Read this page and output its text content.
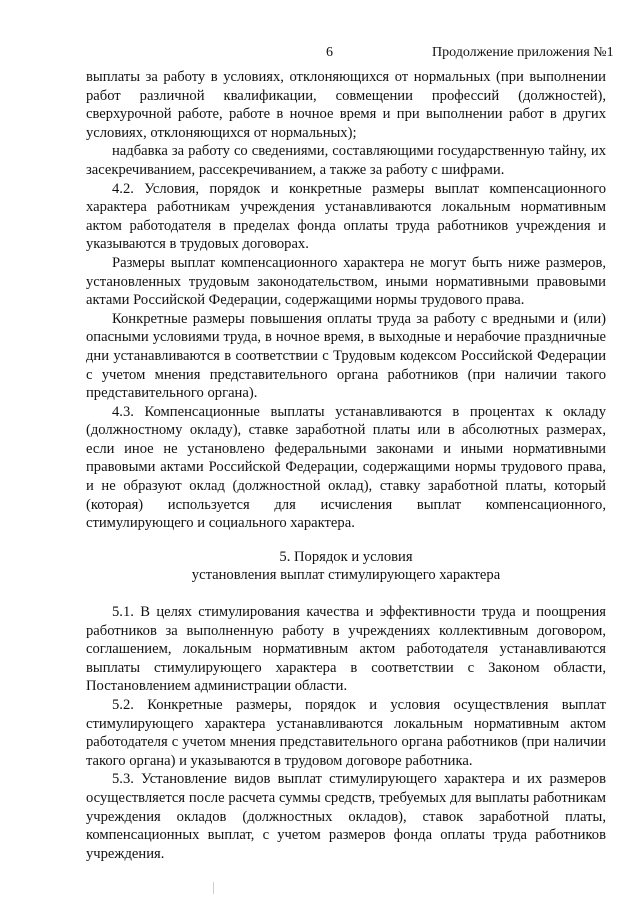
6	Продолжение приложения №1

выплаты за работу в условиях, отклоняющихся от нормальных (при выполнении работ различной квалификации, совмещении профессий (должностей), сверхурочной работе, работе в ночное время и при выполнении работ в других условиях, отклоняющихся от нормальных);

надбавка за работу со сведениями, составляющими государственную тайну, их засекречиванием, рассекречиванием, а также за работу с шифрами.

4.2. Условия, порядок и конкретные размеры выплат компенсационного характера работникам учреждения устанавливаются локальным нормативным актом работодателя в пределах фонда оплаты труда работников учреждения и указываются в трудовых договорах.

Размеры выплат компенсационного характера не могут быть ниже размеров, установленных трудовым законодательством, иными нормативными правовыми актами Российской Федерации, содержащими нормы трудового права.

Конкретные размеры повышения оплаты труда за работу с вредными и (или) опасными условиями труда, в ночное время, в выходные и нерабочие праздничные дни устанавливаются в соответствии с Трудовым кодексом Российской Федерации с учетом мнения представительного органа работников (при наличии такого представительного органа).

4.3. Компенсационные выплаты устанавливаются в процентах к окладу (должностному окладу), ставке заработной платы или в абсолютных размерах, если иное не установлено федеральными законами и иными нормативными правовыми актами Российской Федерации, содержащими нормы трудового права, и не образуют оклад (должностной оклад), ставку заработной платы, который (которая) используется для исчисления выплат компенсационного, стимулирующего и социального характера.

5. Порядок и условия

установления выплат стимулирующего характера

5.1. В целях стимулирования качества и эффективности труда и поощрения работников за выполненную работу в учреждениях коллективным договором, соглашением, локальным нормативным актом работодателя устанавливаются выплаты стимулирующего характера в соответствии с Законом области, Постановлением администрации области.

5.2. Конкретные размеры, порядок и условия осуществления выплат стимулирующего характера устанавливаются локальным нормативным актом работодателя с учетом мнения представительного органа работников (при наличии такого органа) и указываются в трудовом договоре работника.

5.3. Установление видов выплат стимулирующего характера и их размеров осуществляется после расчета суммы средств, требуемых для выплаты работникам учреждения окладов (должностных окладов), ставок заработной платы, компенсационных выплат, с учетом размеров фонда оплаты труда работников учреждения.
